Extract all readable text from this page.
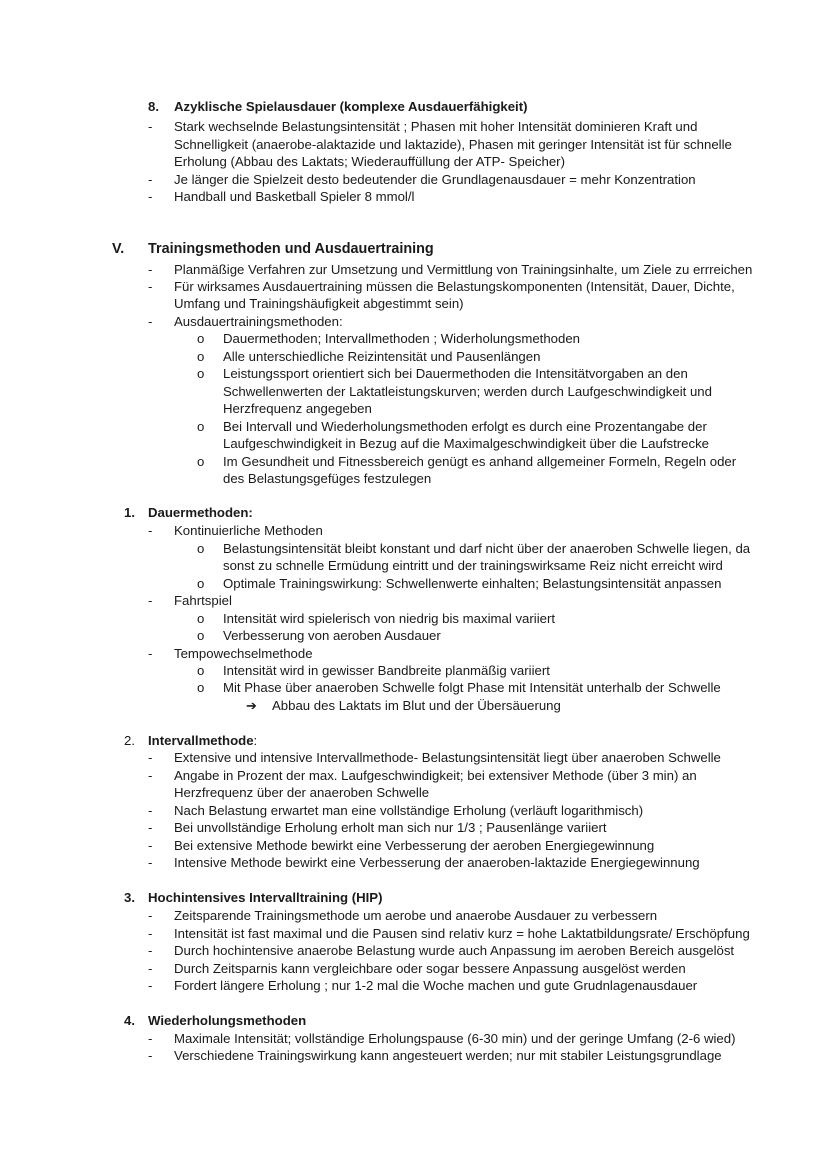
8. Azyklische Spielausdauer (komplexe Ausdauerfähigkeit)
- Stark wechselnde Belastungsintensität ; Phasen mit hoher Intensität dominieren Kraft und
Schnelligkeit (anaerobe-alaktazide und laktazide), Phasen mit geringer Intensität ist für schnelle
Erholung (Abbau des Laktats; Wiederauffüllung der ATP- Speicher)
- Je länger die Spielzeit desto bedeutender die Grundlagenausdauer = mehr Konzentration
- Handball und Basketball Spieler 8 mmol/l
V. Trainingsmethoden und Ausdauertraining
- Planmäßige Verfahren zur Umsetzung und Vermittlung von Trainingsinhalte, um Ziele zu errreichen
- Für wirksames Ausdauertraining müssen die Belastungskomponenten (Intensität, Dauer, Dichte,
Umfang und Trainingshäufigkeit abgestimmt sein)
- Ausdauertrainingsmethoden:
o Dauermethoden; Intervallmethoden ; Widerholungsmethoden
o Alle unterschiedliche Reizintensität und Pausenlängen
o Leistungssport orientiert sich bei Dauermethoden die Intensitätvorgaben an den
Schwellenwerten der Laktatleistungskurven; werden durch Laufgeschwindigkeit und
Herzfrequenz angegeben
o Bei Intervall und Wiederholungsmethoden erfolgt es durch eine Prozentangabe der
Laufgeschwindigkeit in Bezug auf die Maximalgeschwindigkeit über die Laufstrecke
o Im Gesundheit und Fitnessbereich genügt es anhand allgemeiner Formeln, Regeln oder
des Belastungsgefüges festzulegen
1. Dauermethoden:
- Kontinuierliche Methoden
o Belastungsintensität bleibt konstant und darf nicht über der anaeroben Schwelle liegen, da
sonst zu schnelle Ermüdung eintritt und der trainingswirksame Reiz nicht erreicht wird
o Optimale Trainingswirkung: Schwellenwerte einhalten; Belastungsintensität anpassen
- Fahrtspiel
o Intensität wird spielerisch von niedrig bis maximal variiert
o Verbesserung von aeroben Ausdauer
- Tempowechselmethode
o Intensität wird in gewisser Bandbreite planmäßig variiert
o Mit Phase über anaeroben Schwelle folgt Phase mit Intensität unterhalb der Schwelle
➔ Abbau des Laktats im Blut und der Übersäuerung
2. Intervallmethode:
- Extensive und intensive Intervallmethode- Belastungsintensität liegt über anaeroben Schwelle
- Angabe in Prozent der max. Laufgeschwindigkeit; bei extensiver Methode (über 3 min) an
Herzfrequenz über der anaeroben Schwelle
- Nach Belastung erwartet man eine vollständige Erholung (verläuft logarithmisch)
- Bei unvollständige Erholung erholt man sich nur 1/3 ; Pausenlänge variiert
- Bei extensive Methode bewirkt eine Verbesserung der aeroben Energiegewinnung
- Intensive Methode bewirkt eine Verbesserung der anaeroben-laktazide Energiegewinnung
3. Hochintensives Intervalltraining (HIP)
- Zeitsparende Trainingsmethode um aerobe und anaerobe Ausdauer zu verbessern
- Intensität ist fast maximal und die Pausen sind relativ kurz = hohe Laktatbildungsrate/ Erschöpfung
- Durch hochintensive anaerobe Belastung wurde auch Anpassung im aeroben Bereich ausgelöst
- Durch Zeitsparnis kann vergleichbare oder sogar bessere Anpassung ausgelöst werden
- Fordert längere Erholung ; nur 1-2 mal die Woche machen und gute Grudnlagenausdauer
4. Wiederholungsmethoden
- Maximale Intensität; vollständige Erholungspause (6-30 min) und der geringe Umfang (2-6 wied)
- Verschiedene Trainingswirkung kann angesteuert werden; nur mit stabiler Leistungsgrundlage
